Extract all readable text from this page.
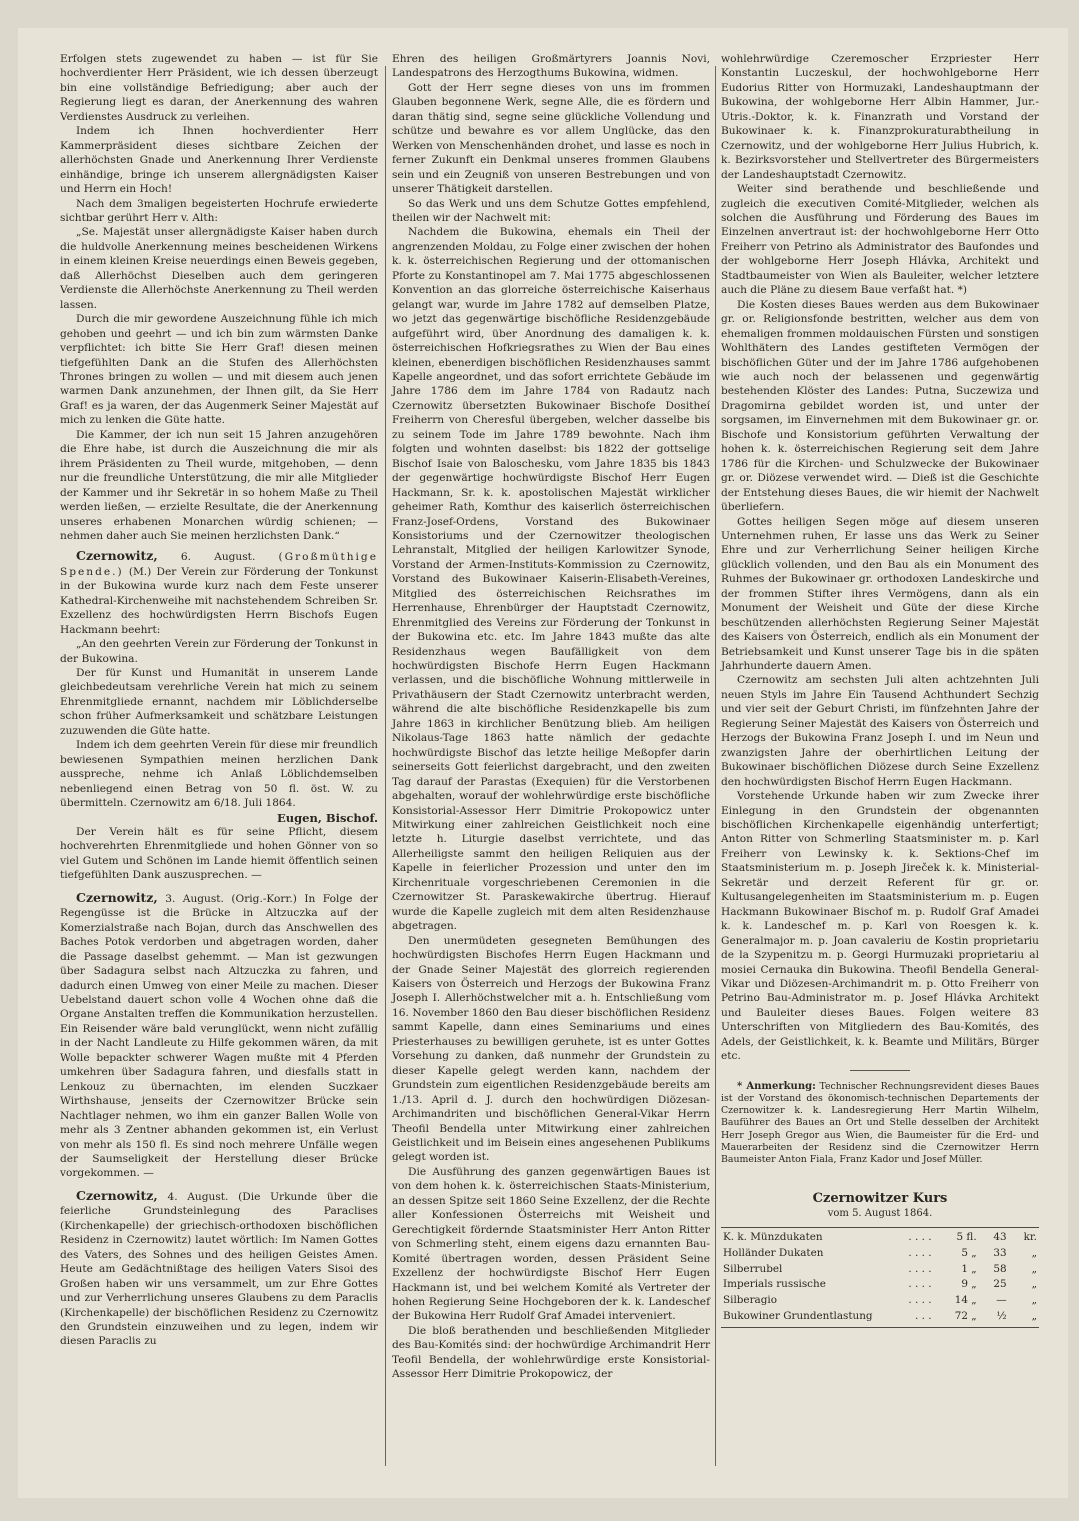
Erfolgen stets zugewendet zu haben — ist für Sie hochverdienter Herr Präsident, wie ich dessen überzeugt bin eine vollständige Befriedigung; aber auch der Regierung liegt es daran, der Anerkennung des wahren Verdienstes Ausdruck zu verleihen.

Indem ich Ihnen hochverdienter Herr Kammerpräsident dieses sichtbare Zeichen der allerhöchsten Gnade und Anerkennung Ihrer Verdienste einhändige, bringe ich unserem allergnädigsten Kaiser und Herrn ein Hoch!

Nach dem 3maligen begeisterten Hochrufe erwiederte sichtbar gerührt Herr v. Alth:

„Se. Majestät unser allergnädigste Kaiser haben durch die huldvolle Anerkennung meines bescheidenen Wirkens in einem kleinen Kreise neuerdings einen Beweis gegeben, daß Allerhöchst Dieselben auch dem geringeren Verdienste die Allerhöchste Anerkennung zu Theil werden lassen.

Durch die mir gewordene Auszeichnung fühle ich mich gehoben und geehrt — und ich bin zum wärmsten Danke verpflichtet: ich bitte Sie Herr Graf! diesen meinen tiefgefühlten Dank an die Stufen des Allerhöchsten Thrones bringen zu wollen — und mit diesem auch jenen warmen Dank anzunehmen, der Ihnen gilt, da Sie Herr Graf! es ja waren, der das Augenmerk Seiner Majestät auf mich zu lenken die Güte hatte.

Die Kammer, der ich nun seit 15 Jahren anzugehören die Ehre habe, ist durch die Auszeichnung die mir als ihrem Präsidenten zu Theil wurde, mitgehoben, — denn nur die freundliche Unterstützung, die mir alle Mitglieder der Kammer und ihr Sekretär in so hohem Maße zu Theil werden ließen, — erzielte Resultate, die der Anerkennung unseres erhabenen Monarchen würdig schienen; — nehmen daher auch Sie meinen herzlichsten Dank.“

Czernowitz, 6. August. (Großmüthige Spende.) (M.) Der Verein zur Förderung der Tonkunst in der Bukowina wurde kurz nach dem Feste unserer Kathedral-Kirchenweihe mit nachstehendem Schreiben Sr. Exzellenz des hochwürdigsten Herrn Bischofs Eugen Hackmann beehrt:

„An den geehrten Verein zur Förderung der Tonkunst in der Bukowina.

Der für Kunst und Humanität in unserem Lande gleichbedeutsam verehrliche Verein hat mich zu seinem Ehrenmitgliede ernannt, nachdem mir Löblichderselbe schon früher Aufmerksamkeit und schätzbare Leistungen zuzuwenden die Güte hatte.

Indem ich dem geehrten Verein für diese mir freundlich bewiesenen Sympathien meinen herzlichen Dank ausspreche, nehme ich Anlaß Löblichdemselben nebenliegend einen Betrag von 50 fl. öst. W. zu übermitteln. Czernowitz am 6/18. Juli 1864.

Eugen, Bischof.

Der Verein hält es für seine Pflicht, diesem hochverehrten Ehrenmitgliede und hohen Gönner von so viel Gutem und Schönen im Lande hiemit öffentlich seinen tiefgefühlten Dank auszusprechen. —

Czernowitz, 3. August. (Orig.-Korr.) In Folge der Regengüsse ist die Brücke in Altzuczka auf der Komerzialstraße nach Bojan, durch das Anschwellen des Baches Potok verdorben und abgetragen worden, daher die Passage daselbst gehemmt. — Man ist gezwungen über Sadagura selbst nach Altzuczka zu fahren, und dadurch einen Umweg von einer Meile zu machen. Dieser Uebelstand dauert schon volle 4 Wochen ohne daß die Organe Anstalten treffen die Kommunikation herzustellen. Ein Reisender wäre bald verunglückt, wenn nicht zufällig in der Nacht Landleute zu Hilfe gekommen wären, da mit Wolle bepackter schwerer Wagen mußte mit 4 Pferden umkehren über Sadagura fahren, und diesfalls statt in Lenkouz zu übernachten, im elenden Suczkaer Wirthshause, jenseits der Czernowitzer Brücke sein Nachtlager nehmen, wo ihm ein ganzer Ballen Wolle von mehr als 3 Zentner abhanden gekommen ist, ein Verlust von mehr als 150 fl. Es sind noch mehrere Unfälle wegen der Saumseligkeit der Herstellung dieser Brücke vorgekommen. —

Czernowitz, 4. August. (Die Urkunde über die feierliche Grundsteinlegung des Paraclises (Kirchenkapelle) der griechisch-orthodoxen bischöflichen Residenz in Czernowitz) lautet wörtlich: Im Namen Gottes des Vaters, des Sohnes und des heiligen Geistes Amen. Heute am Gedächtnißtage des heiligen Vaters Sisoi des Großen haben wir uns versammelt, um zur Ehre Gottes und zur Verherrlichung unseres Glaubens zu dem Paraclis (Kirchenkapelle) der bischöflichen Residenz zu Czernowitz den Grundstein einzuweihen und zu legen, indem wir diesen Paraclis zu

Ehren des heiligen Großmärtyrers Joannis Novi, Landespatrons des Herzogthums Bukowina, widmen.

Gott der Herr segne dieses von uns im frommen Glauben begonnene Werk, segne Alle, die es fördern und daran thätig sind, segne seine glückliche Vollendung und schütze und bewahre es vor allem Unglücke, das den Werken von Menschenhänden drohet, und lasse es noch in ferner Zukunft ein Denkmal unseres frommen Glaubens sein und ein Zeugniß von unseren Bestrebungen und von unserer Thätigkeit darstellen.

So das Werk und uns dem Schutze Gottes empfehlend, theilen wir der Nachwelt mit:

Nachdem die Bukowina, ehemals ein Theil der angrenzenden Moldau, zu Folge einer zwischen der hohen k. k. österreichischen Regierung und der ottomanischen Pforte zu Konstantinopel am 7. Mai 1775 abgeschlossenen Konvention an das glorreiche österreichische Kaiserhaus gelangt war, wurde im Jahre 1782 auf demselben Platze, wo jetzt das gegenwärtige bischöfliche Residenzgebäude aufgeführt wird, über Anordnung des damaligen k. k. österreichischen Hofkriegsrathes zu Wien der Bau eines kleinen, ebenerdigen bischöflichen Residenzhauses sammt Kapelle angeordnet, und das sofort errichtete Gebäude im Jahre 1786 dem im Jahre 1784 von Radautz nach Czernowitz übersetzten Bukowinaer Bischofe Dositheí Freiherrn von Cheresful übergeben, welcher dasselbe bis zu seinem Tode im Jahre 1789 bewohnte. Nach ihm folgten und wohnten daselbst: bis 1822 der gottselige Bischof Isaie von Baloschesku, vom Jahre 1835 bis 1843 der gegenwärtige hochwürdigste Bischof Herr Eugen Hackmann, Sr. k. k. apostolischen Majestät wirklicher geheimer Rath, Komthur des kaiserlich österreichischen Franz-Josef-Ordens, Vorstand des Bukowinaer Konsistoriums und der Czernowitzer theologischen Lehranstalt, Mitglied der heiligen Karlowitzer Synode, Vorstand der Armen-Instituts-Kommission zu Czernowitz, Vorstand des Bukowinaer Kaiserin-Elisabeth-Vereines, Mitglied des österreichischen Reichsrathes im Herrenhause, Ehrenbürger der Hauptstadt Czernowitz, Ehrenmitglied des Vereins zur Förderung der Tonkunst in der Bukowina etc. etc. Im Jahre 1843 mußte das alte Residenzhaus wegen Baufälligkeit von dem hochwürdigsten Bischofe Herrn Eugen Hackmann verlassen, und die bischöfliche Wohnung mittlerweile in Privathäusern der Stadt Czernowitz unterbracht werden, während die alte bischöfliche Residenzkapelle bis zum Jahre 1863 in kirchlicher Benützung blieb. Am heiligen Nikolaus-Tage 1863 hatte nämlich der gedachte hochwürdigste Bischof das letzte heilige Meßopfer darin seinerseits Gott feierlichst dargebracht, und den zweiten Tag darauf der Parastas (Exequien) für die Verstorbenen abgehalten, worauf der wohlehrwürdige erste bischöfliche Konsistorial-Assessor Herr Dimitrie Prokopowicz unter Mitwirkung einer zahlreichen Geistlichkeit noch eine letzte h. Liturgie daselbst verrichtete, und das Allerheiligste sammt den heiligen Reliquien aus der Kapelle in feierlicher Prozession und unter den im Kirchenrituale vorgeschriebenen Ceremonien in die Czernowitzer St. Paraskewakirche übertrug. Hierauf wurde die Kapelle zugleich mit dem alten Residenzhause abgetragen.

Den unermüdeten gesegneten Bemühungen des hochwürdigsten Bischofes Herrn Eugen Hackmann und der Gnade Seiner Majestät des glorreich regierenden Kaisers von Österreich und Herzogs der Bukowina Franz Joseph I. Allerhöchstwelcher mit a. h. Entschließung vom 16. November 1860 den Bau dieser bischöflichen Residenz sammt Kapelle, dann eines Seminariums und eines Priesterhauses zu bewilligen geruhete, ist es unter Gottes Vorsehung zu danken, daß nunmehr der Grundstein zu dieser Kapelle gelegt werden kann, nachdem der Grundstein zum eigentlichen Residenzgebäude bereits am 1./13. April d. J. durch den hochwürdigen Diözesan-Archimandriten und bischöflichen General-Vikar Herrn Theofil Bendella unter Mitwirkung einer zahlreichen Geistlichkeit und im Beisein eines angesehenen Publikums gelegt worden ist.

Die Ausführung des ganzen gegenwärtigen Baues ist von dem hohen k. k. österreichischen Staats-Ministerium, an dessen Spitze seit 1860 Seine Exzellenz, der die Rechte aller Konfessionen Österreichs mit Weisheit und Gerechtigkeit fördernde Staatsminister Herr Anton Ritter von Schmerling steht, einem eigens dazu ernannten Bau-Komité übertragen worden, dessen Präsident Seine Exzellenz der hochwürdigste Bischof Herr Eugen Hackmann ist, und bei welchem Komité als Vertreter der hohen Regierung Seine Hochgeboren der k. k. Landeschef der Bukowina Herr Rudolf Graf Amadei interveniert.

Die bloß berathenden und beschließenden Mitglieder des Bau-Komités sind: der hochwürdige Archimandrit Herr Teofil Bendella, der wohlehrwürdige erste Konsistorial-Assessor Herr Dimitrie Prokopowicz, der

wohlehrwürdige Czeremoscher Erzpriester Herr Konstantin Luczeskul, der hochwohlgeborne Herr Eudorius Ritter von Hormuzaki, Landeshauptmann der Bukowina, der wohlgeborne Herr Albin Hammer, Jur.-Utris.-Doktor, k. k. Finanzrath und Vorstand der Bukowinaer k. k. Finanzprokuraturabtheilung in Czernowitz, und der wohlgeborne Herr Julius Hubrich, k. k. Bezirksvorsteher und Stellvertreter des Bürgermeisters der Landeshauptstadt Czernowitz.

Weiter sind berathende und beschließende und zugleich die executiven Comité-Mitglieder, welchen als solchen die Ausführung und Förderung des Baues im Einzelnen anvertraut ist: der hochwohlgeborne Herr Otto Freiherr von Petrino als Administrator des Baufondes und der wohlgeborne Herr Joseph Hlávka, Architekt und Stadtbaumeister von Wien als Bauleiter, welcher letztere auch die Pläne zu diesem Baue verfaßt hat. *)

Die Kosten dieses Baues werden aus dem Bukowinaer gr. or. Religionsfonde bestritten, welcher aus dem von ehemaligen frommen moldauischen Fürsten und sonstigen Wohlthätern des Landes gestifteten Vermögen der bischöflichen Güter und der im Jahre 1786 aufgehobenen wie auch noch der belassenen und gegenwärtig bestehenden Klöster des Landes: Putna, Suczewiza und Dragomirna gebildet worden ist, und unter der sorgsamen, im Einvernehmen mit dem Bukowinaer gr. or. Bischofe und Konsistorium geführten Verwaltung der hohen k. k. österreichischen Regierung seit dem Jahre 1786 für die Kirchen- und Schulzwecke der Bukowinaer gr. or. Diözese verwendet wird. — Dieß ist die Geschichte der Entstehung dieses Baues, die wir hiemit der Nachwelt überliefern.

Gottes heiligen Segen möge auf diesem unseren Unternehmen ruhen, Er lasse uns das Werk zu Seiner Ehre und zur Verherrlichung Seiner heiligen Kirche glücklich vollenden, und den Bau als ein Monument des Ruhmes der Bukowinaer gr. orthodoxen Landeskirche und der frommen Stifter ihres Vermögens, dann als ein Monument der Weisheit und Güte der diese Kirche beschützenden allerhöchsten Regierung Seiner Majestät des Kaisers von Österreich, endlich als ein Monument der Betriebsamkeit und Kunst unserer Tage bis in die späten Jahrhunderte dauern Amen.

Czernowitz am sechsten Juli alten achtzehnten Juli neuen Styls im Jahre Ein Tausend Achthundert Sechzig und vier seit der Geburt Christi, im fünfzehnten Jahre der Regierung Seiner Majestät des Kaisers von Österreich und Herzogs der Bukowina Franz Joseph I. und im Neun und zwanzigsten Jahre der oberhirtlichen Leitung der Bukowinaer bischöflichen Diözese durch Seine Exzellenz den hochwürdigsten Bischof Herrn Eugen Hackmann.

Vorstehende Urkunde haben wir zum Zwecke ihrer Einlegung in den Grundstein der obgenannten bischöflichen Kirchenkapelle eigenhändig unterfertigt; Anton Ritter von Schmerling Staatsminister m. p. Karl Freiherr von Lewinsky k. k. Sektions-Chef im Staatsministerium m. p. Joseph Jireček k. k. Ministerial-Sekretär und derzeit Referent für gr. or. Kultusangelegenheiten im Staatsministerium m. p. Eugen Hackmann Bukowinaer Bischof m. p. Rudolf Graf Amadei k. k. Landeschef m. p. Karl von Roesgen k. k. Generalmajor m. p. Joan cavaleriu de Kostin proprietariu de la Szypenitzu m. p. Georgi Hurmuzaki proprietariu al mosiei Cernauka din Bukowina. Theofil Bendella General-Vikar und Diözesen-Archimandrit m. p. Otto Freiherr von Petrino Bau-Administrator m. p. Josef Hlávka Architekt und Bauleiter dieses Baues. Folgen weitere 83 Unterschriften von Mitgliedern des Bau-Komités, des Adels, der Geistlichkeit, k. k. Beamte und Militärs, Bürger etc.

* Anmerkung: Technischer Rechnungsrevident dieses Baues ist der Vorstand des ökonomisch-technischen Departements der Czernowitzer k. k. Landesregierung Herr Martin Wilhelm, Bauführer des Baues an Ort und Stelle desselben der Architekt Herr Joseph Gregor aus Wien, die Baumeister für die Erd- und Mauerarbeiten der Residenz sind die Czernowitzer Herrn Baumeister Anton Fiala, Franz Kador und Josef Müller.

Czernowitzer Kurs
vom 5. August 1864.
K. k. Münzdukaten	. . . .	5 fl.	43	kr.
Holländer Dukaten	. . . .	5 „	33	„
Silberrubel	. . . .	1 „	58	„
Imperials russische	. . . .	9 „	25	„
Silberagio	. . . .	14 „	—	„
Bukowiner Grundentlastung	. . .	72 „	½	„
